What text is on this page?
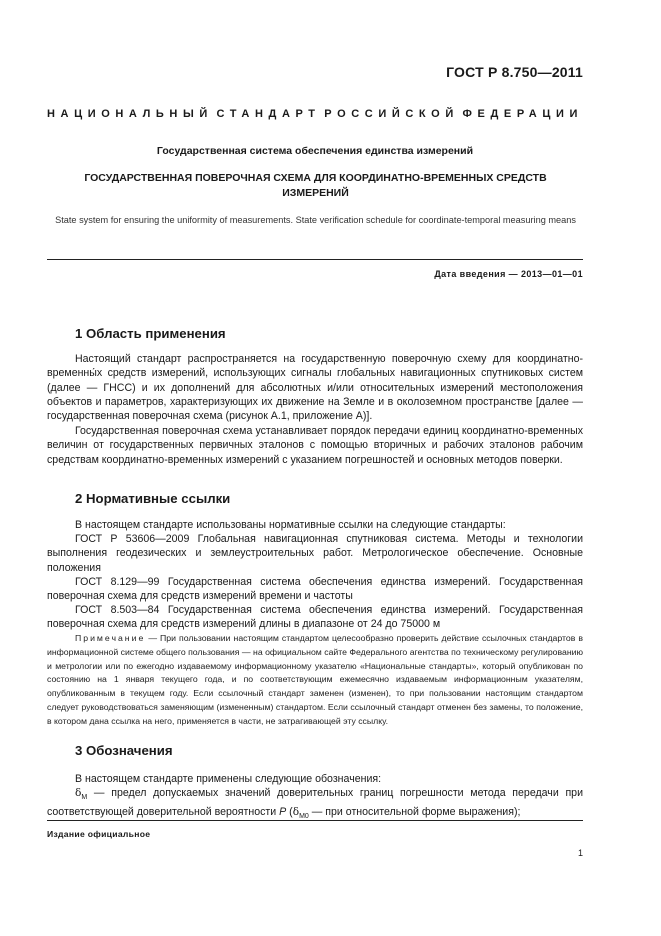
ГОСТ Р 8.750—2011
НАЦИОНАЛЬНЫЙ СТАНДАРТ РОССИЙСКОЙ ФЕДЕРАЦИИ
Государственная система обеспечения единства измерений
ГОСУДАРСТВЕННАЯ ПОВЕРОЧНАЯ СХЕМА ДЛЯ КООРДИНАТНО-ВРЕМЕННЫХ СРЕДСТВ ИЗМЕРЕНИЙ
State system for ensuring the uniformity of measurements. State verification schedule for coordinate-temporal measuring means
Дата введения — 2013—01—01
1 Область применения

Настоящий стандарт распространяется на государственную поверочную схему для координатно-временны́х средств измерений, использующих сигналы глобальных навигационных спутниковых систем (далее — ГНСС) и их дополнений для абсолютных и/или относительных измерений местоположения объектов и параметров, характеризующих их движение на Земле и в околоземном пространстве [далее — государственная поверочная схема (рисунок А.1, приложение А)].

Государственная поверочная схема устанавливает порядок передачи единиц координатно-временных величин от государственных первичных эталонов с помощью вторичных и рабочих эталонов рабочим средствам координатно-временных измерений с указанием погрешностей и основных методов поверки.

2 Нормативные ссылки

В настоящем стандарте использованы нормативные ссылки на следующие стандарты:

ГОСТ Р 53606—2009 Глобальная навигационная спутниковая система. Методы и технологии выполнения геодезических и землеустроительных работ. Метрологическое обеспечение. Основные положения

ГОСТ 8.129—99 Государственная система обеспечения единства измерений. Государственная поверочная схема для средств измерений времени и частоты

ГОСТ 8.503—84 Государственная система обеспечения единства измерений. Государственная поверочная схема для средств измерений длины в диапазоне от 24 до 75000 м

Примечание — При пользовании настоящим стандартом целесообразно проверить действие ссылочных стандартов в информационной системе общего пользования — на официальном сайте Федерального агентства по техническому регулированию и метрологии или по ежегодно издаваемому информационному указателю «Национальные стандарты», который опубликован по состоянию на 1 января текущего года, и по соответствующим ежемесячно издаваемым информационным указателям, опубликованным в текущем году. Если ссылочный стандарт заменен (изменен), то при пользовании настоящим стандартом следует руководствоваться заменяющим (измененным) стандартом. Если ссылочный стандарт отменен без замены, то положение, в котором дана ссылка на него, применяется в части, не затрагивающей эту ссылку.
3 Обозначения

В настоящем стандарте применены следующие обозначения:

$\delta_М$ — предел допускаемых значений доверительных границ погрешности метода передачи при соответствующей доверительной вероятности P ($\delta_{М0}$ — при относительной форме выражения);

Издание официальное
1
